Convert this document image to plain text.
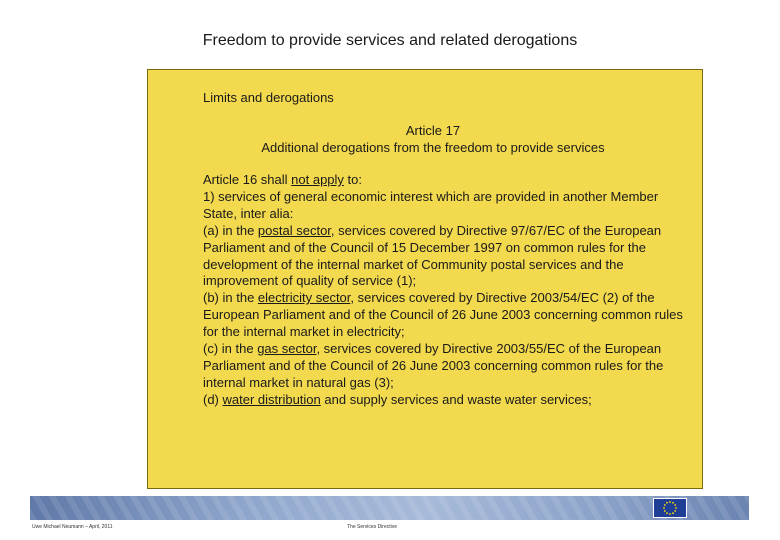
Freedom to provide services and related derogations
Limits and derogations
Article 17
Additional derogations from the freedom to provide services

Article 16 shall not apply to:

1) services of general economic interest which are provided in another Member State, inter alia:

(a) in the postal sector, services covered by Directive 97/67/EC of the European Parliament and of the Council of 15 December 1997 on common rules for the development of the internal market of Community postal services and the improvement of quality of service (1);

(b) in the electricity sector, services covered by Directive 2003/54/EC (2) of the European Parliament and of the Council of 26 June 2003 concerning common rules for the internal market in electricity;

(c) in the gas sector, services covered by Directive 2003/55/EC of the European Parliament and of the Council of 26 June 2003 concerning common rules for the internal market in natural gas (3);

(d) water distribution and supply services and waste water services;

Uwe Michael Neumann – April, 2011	The Services Directive
